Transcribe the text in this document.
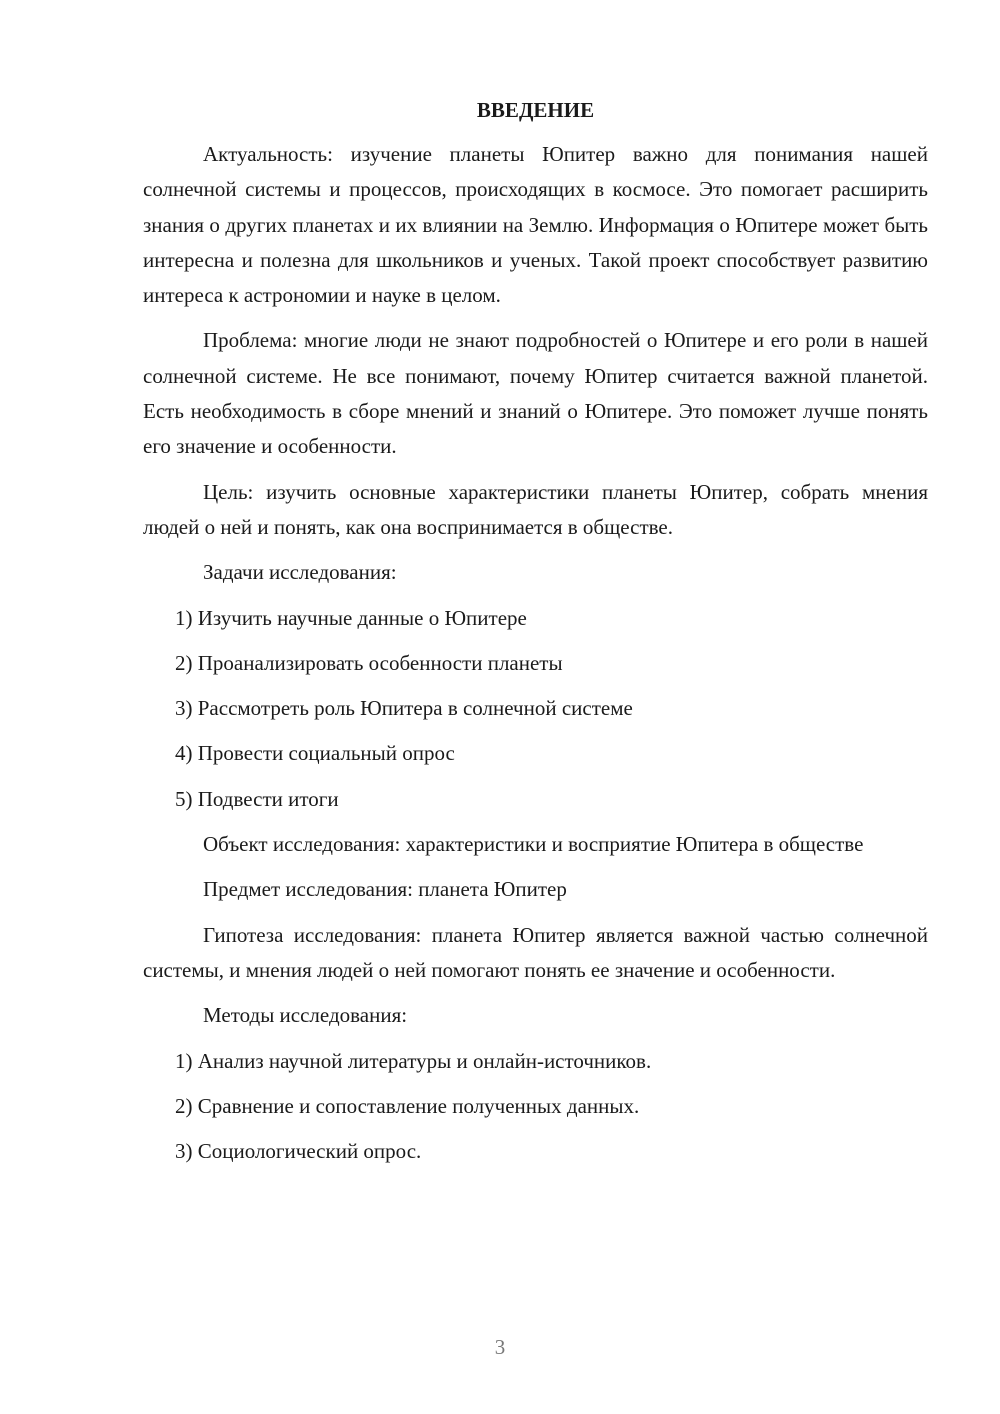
ВВЕДЕНИЕ

Актуальность: изучение планеты Юпитер важно для понимания нашей солнечной системы и процессов, происходящих в космосе. Это помогает расширить знания о других планетах и их влиянии на Землю. Информация о Юпитере может быть интересна и полезна для школьников и ученых. Такой проект способствует развитию интереса к астрономии и науке в целом.

Проблема: многие люди не знают подробностей о Юпитере и его роли в нашей солнечной системе. Не все понимают, почему Юпитер считается важной планетой. Есть необходимость в сборе мнений и знаний о Юпитере. Это поможет лучше понять его значение и особенности.

Цель: изучить основные характеристики планеты Юпитер, собрать мнения людей о ней и понять, как она воспринимается в обществе.

Задачи исследования:

1) Изучить научные данные о Юпитере
2) Проанализировать особенности планеты
3) Рассмотреть роль Юпитера в солнечной системе
4) Провести социальный опрос
5) Подвести итоги

Объект исследования: характеристики и восприятие Юпитера в обществе

Предмет исследования: планета Юпитер

Гипотеза исследования: планета Юпитер является важной частью солнечной системы, и мнения людей о ней помогают понять ее значение и особенности.

Методы исследования:

1) Анализ научной литературы и онлайн-источников.
2) Сравнение и сопоставление полученных данных.
3) Социологический опрос.
3
